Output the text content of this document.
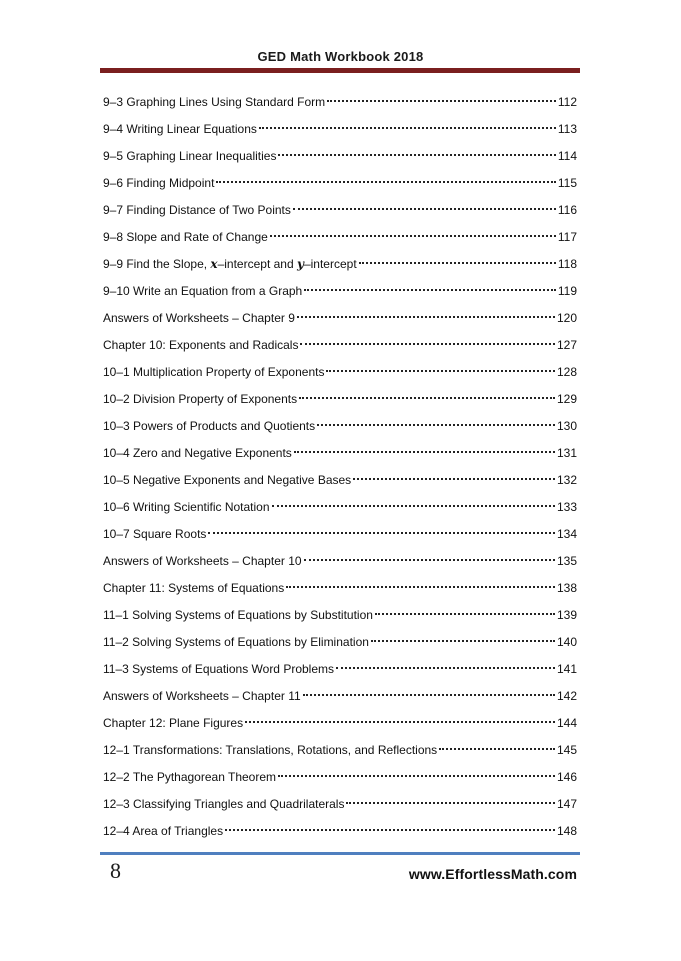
GED Math Workbook 2018
9–3 Graphing Lines Using Standard Form	112
9–4 Writing Linear Equations	113
9–5 Graphing Linear Inequalities	114
9–6 Finding Midpoint	115
9–7 Finding Distance of Two Points	116
9–8 Slope and Rate of Change	117
9–9 Find the Slope, x–intercept and y–intercept	118
9–10 Write an Equation from a Graph	119
Answers of Worksheets – Chapter 9	120
Chapter 10: Exponents and Radicals	127
10–1 Multiplication Property of Exponents	128
10–2 Division Property of Exponents	129
10–3 Powers of Products and Quotients	130
10–4 Zero and Negative Exponents	131
10–5 Negative Exponents and Negative Bases	132
10–6 Writing Scientific Notation	133
10–7 Square Roots	134
Answers of Worksheets – Chapter 10	135
Chapter 11: Systems of Equations	138
11–1 Solving Systems of Equations by Substitution	139
11–2 Solving Systems of Equations by Elimination	140
11–3 Systems of Equations Word Problems	141
Answers of Worksheets – Chapter 11	142
Chapter 12: Plane Figures	144
12–1 Transformations: Translations, Rotations, and Reflections	145
12–2 The Pythagorean Theorem	146
12–3 Classifying Triangles and Quadrilaterals	147
12–4 Area of Triangles	148
8	www.EffortlessMath.com
